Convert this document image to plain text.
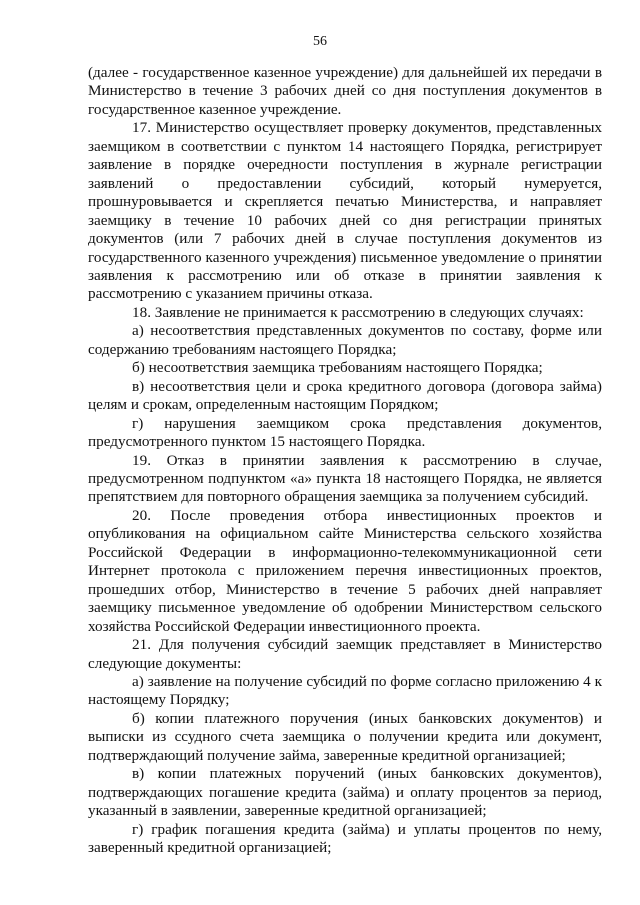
56

(далее - государственное казенное учреждение) для дальнейшей их передачи в Министерство в течение 3 рабочих дней со дня поступления документов в государственное казенное учреждение.

17. Министерство осуществляет проверку документов, представленных заемщиком в соответствии с пунктом 14 настоящего Порядка, регистрирует заявление в порядке очередности поступления в журнале регистрации заявлений о предоставлении субсидий, который нумеруется, прошнуровывается и скрепляется печатью Министерства, и направляет заемщику в течение 10 рабочих дней со дня регистрации принятых документов (или 7 рабочих дней в случае поступления документов из государственного казенного учреждения) письменное уведомление о принятии заявления к рассмотрению или об отказе в принятии заявления к рассмотрению с указанием причины отказа.

18. Заявление не принимается к рассмотрению в следующих случаях:

а) несоответствия представленных документов по составу, форме или содержанию требованиям настоящего Порядка;

б) несоответствия заемщика требованиям настоящего Порядка;

в) несоответствия цели и срока кредитного договора (договора займа) целям и срокам, определенным настоящим Порядком;

г) нарушения заемщиком срока представления документов, предусмотренного пунктом 15 настоящего Порядка.

19. Отказ в принятии заявления к рассмотрению в случае, предусмотренном подпунктом «а» пункта 18 настоящего Порядка, не является препятствием для повторного обращения заемщика за получением субсидий.

20. После проведения отбора инвестиционных проектов и опубликования на официальном сайте Министерства сельского хозяйства Российской Федерации в информационно-телекоммуникационной сети Интернет протокола с приложением перечня инвестиционных проектов, прошедших отбор, Министерство в течение 5 рабочих дней направляет заемщику письменное уведомление об одобрении Министерством сельского хозяйства Российской Федерации инвестиционного проекта.

21. Для получения субсидий заемщик представляет в Министерство следующие документы:

а) заявление на получение субсидий по форме согласно приложению 4 к настоящему Порядку;

б) копии платежного поручения (иных банковских документов) и выписки из ссудного счета заемщика о получении кредита или документ, подтверждающий получение займа, заверенные кредитной организацией;

в) копии платежных поручений (иных банковских документов), подтверждающих погашение кредита (займа) и оплату процентов за период, указанный в заявлении, заверенные кредитной организацией;

г) график погашения кредита (займа) и уплаты процентов по нему, заверенный кредитной организацией;
